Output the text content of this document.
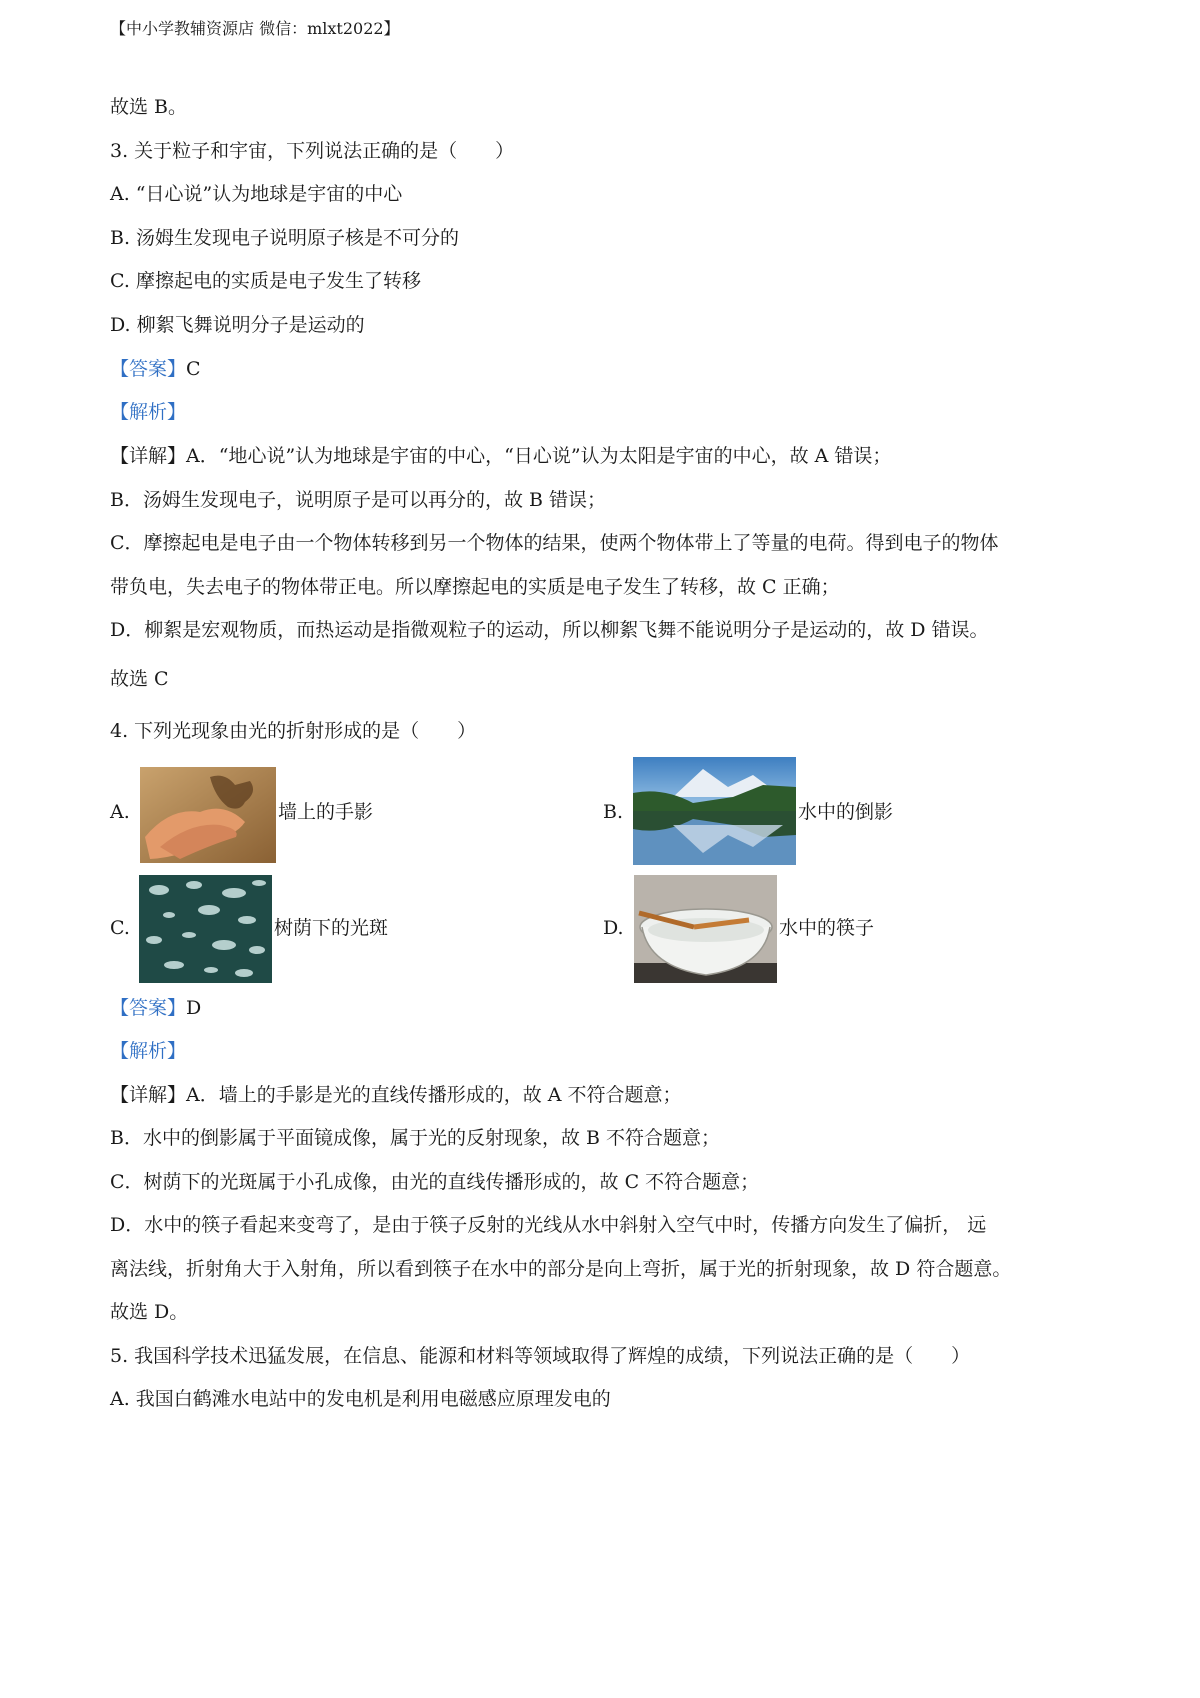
【中小学教辅资源店 微信：mlxt2022】
故选 B。
3. 关于粒子和宇宙，下列说法正确的是（　　）
A. “日心说”认为地球是宇宙的中心
B. 汤姆生发现电子说明原子核是不可分的
C. 摩擦起电的实质是电子发生了转移
D. 柳絮飞舞说明分子是运动的
【答案】C
【解析】
【详解】A．“地心说”认为地球是宇宙的中心，“日心说”认为太阳是宇宙的中心，故 A 错误；
B．汤姆生发现电子，说明原子是可以再分的，故 B 错误；
C．摩擦起电是电子由一个物体转移到另一个物体的结果，使两个物体带上了等量的电荷。得到电子的物体
带负电，失去电子的物体带正电。所以摩擦起电的实质是电子发生了转移，故 C 正确；
D．柳絮是宏观物质，而热运动是指微观粒子的运动，所以柳絮飞舞不能说明分子是运动的，故 D 错误。
故选 C
4. 下列光现象由光的折射形成的是（　　）
A.	墙上的手影	B.	水中的倒影
C.	树荫下的光斑	D.	水中的筷子
【答案】D
【解析】
【详解】A．墙上的手影是光的直线传播形成的，故 A 不符合题意；
B．水中的倒影属于平面镜成像，属于光的反射现象，故 B 不符合题意；
C．树荫下的光斑属于小孔成像，由光的直线传播形成的，故 C 不符合题意；
D．水中的筷子看起来变弯了，是由于筷子反射的光线从水中斜射入空气中时，传播方向发生了偏折， 远
离法线，折射角大于入射角，所以看到筷子在水中的部分是向上弯折，属于光的折射现象，故 D 符合题意。
故选 D。
5. 我国科学技术迅猛发展，在信息、能源和材料等领域取得了辉煌的成绩，下列说法正确的是（　　）
A. 我国白鹤滩水电站中的发电机是利用电磁感应原理发电的
